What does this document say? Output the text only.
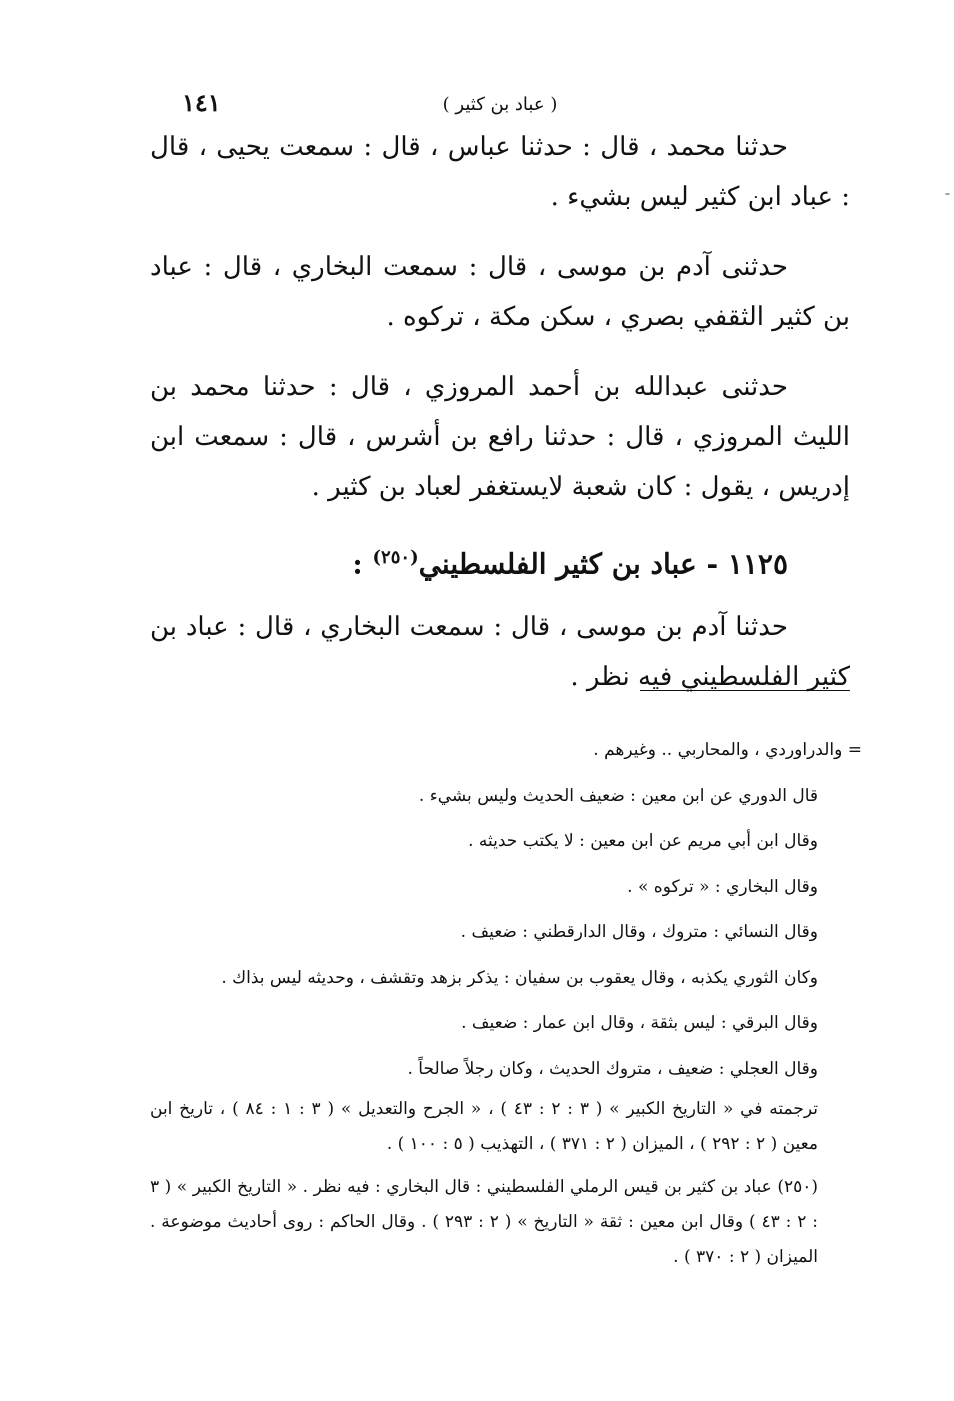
١٤١	( عباد بن كثير )

حدثنا محمد ، قال : حدثنا عباس ، قال : سمعت يحيى ، قال : عباد ابن كثير ليس بشيء .

حدثنى آدم بن موسى ، قال : سمعت البخاري ، قال : عباد بن كثير الثقفي بصري ، سكن مكة ، تركوه .

حدثنى عبدالله بن أحمد المروزي ، قال : حدثنا محمد بن الليث المروزي ، قال : حدثنا رافع بن أشرس ، قال : سمعت ابن إدريس ، يقول : كان شعبة لايستغفر لعباد بن كثير .

١١٢٥ - عباد بن كثير الفلسطيني$^{(٢٥٠)}$ :

حدثنا آدم بن موسى ، قال : سمعت البخاري ، قال : عباد بن كثير الفلسطيني فيه نظر .

= والدراوردي ، والمحاربي .. وغيرهم .

قال الدوري عن ابن معين : ضعيف الحديث وليس بشيء .

وقال ابن أبي مريم عن ابن معين : لا يكتب حديثه .

وقال البخاري : « تركوه » .

وقال النسائي : متروك ، وقال الدارقطني : ضعيف .

وكان الثوري يكذبه ، وقال يعقوب بن سفيان : يذكر بزهد وتقشف ، وحديثه ليس بذاك .

وقال البرقي : ليس بثقة ، وقال ابن عمار : ضعيف .

وقال العجلي : ضعيف ، متروك الحديث ، وكان رجلاً صالحاً .

ترجمته في « التاريخ الكبير » ( ٣ : ٢ : ٤٣ ) ، « الجرح والتعديل » ( ٣ : ١ : ٨٤ ) ، تاريخ ابن معين ( ٢ : ٢٩٢ ) ، الميزان ( ٢ : ٣٧١ ) ، التهذيب ( ٥ : ١٠٠ ) .

(٢٥٠) عباد بن كثير بن قيس الرملي الفلسطيني : قال البخاري : فيه نظر . « التاريخ الكبير » ( ٣ : ٢ : ٤٣ ) وقال ابن معين : ثقة « التاريخ » ( ٢ : ٢٩٣ ) . وقال الحاكم : روى أحاديث موضوعة . الميزان ( ٢ : ٣٧٠ ) .

ˉ
